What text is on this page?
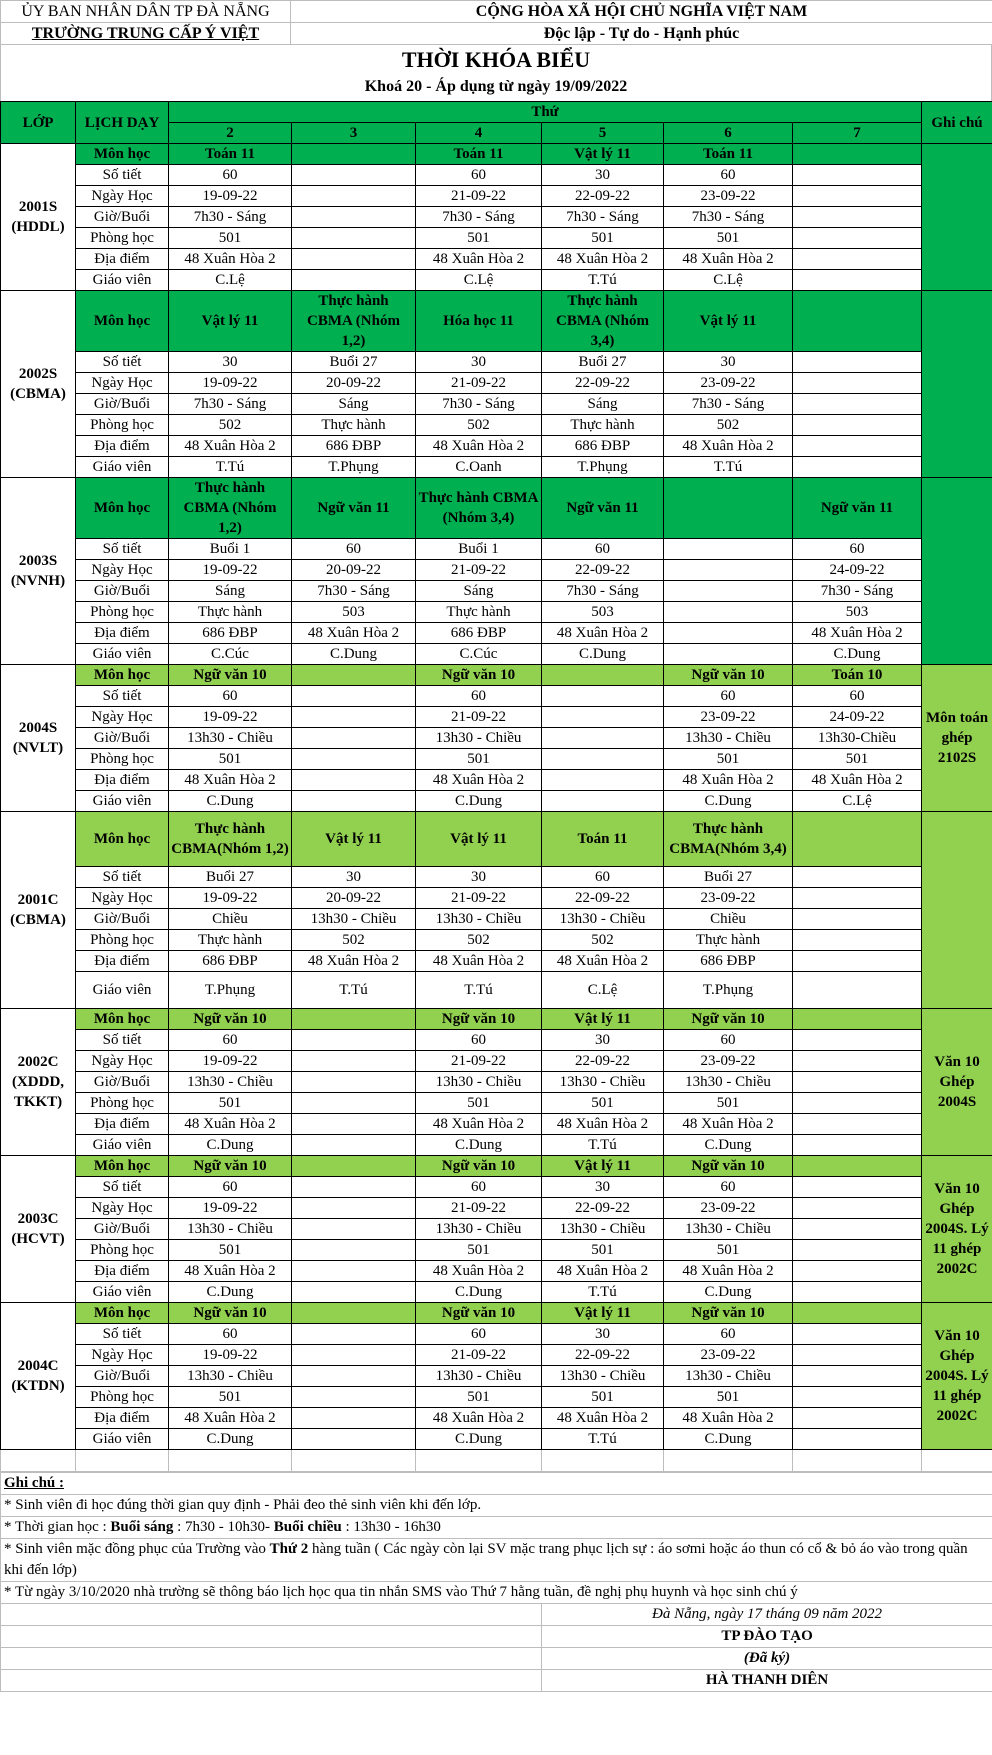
ỦY BAN NHÂN DÂN TP ĐÀ NẴNG	CỘNG HÒA XÃ HỘI CHỦ NGHĨA VIỆT NAM
TRƯỜNG TRUNG CẤP Ý VIỆT	Độc lập - Tự do - Hạnh phúc
THỜI KHÓA BIỂU
Khoá 20 - Áp dụng từ ngày 19/09/2022
LỚP	LỊCH DẠY	Thứ						Ghi chú
		2	3	4	5	6	7	
2001S
(HDDL)	Môn học	Toán 11		Toán 11	Vật lý 11	Toán 11		
	Số tiết	60		60	30	60		
	Ngày Học	19-09-22		21-09-22	22-09-22	23-09-22		
	Giờ/Buổi	7h30 - Sáng		7h30 - Sáng	7h30 - Sáng	7h30 - Sáng		
	Phòng học	501		501	501	501		
	Địa điểm	48 Xuân Hòa 2		48 Xuân Hòa 2	48 Xuân Hòa 2	48 Xuân Hòa 2		
	Giáo viên	C.Lệ		C.Lệ	T.Tú	C.Lệ		
2002S
(CBMA)	Môn học	Vật lý 11	Thực hành CBMA (Nhóm 1,2)	Hóa học 11	Thực hành CBMA (Nhóm 3,4)	Vật lý 11		
	Số tiết	30	Buổi 27	30	Buổi 27	30		
	Ngày Học	19-09-22	20-09-22	21-09-22	22-09-22	23-09-22		
	Giờ/Buổi	7h30 - Sáng	Sáng	7h30 - Sáng	Sáng	7h30 - Sáng		
	Phòng học	502	Thực hành	502	Thực hành	502		
	Địa điểm	48 Xuân Hòa 2	686 ĐBP	48 Xuân Hòa 2	686 ĐBP	48 Xuân Hòa 2		
	Giáo viên	T.Tú	T.Phụng	C.Oanh	T.Phụng	T.Tú		
2003S
(NVNH)	Môn học	Thực hành CBMA (Nhóm 1,2)	Ngữ văn 11	Thực hành CBMA (Nhóm 3,4)	Ngữ văn 11		Ngữ văn 11	
	Số tiết	Buổi 1	60	Buổi 1	60		60	
	Ngày Học	19-09-22	20-09-22	21-09-22	22-09-22		24-09-22	
	Giờ/Buổi	Sáng	7h30 - Sáng	Sáng	7h30 - Sáng		7h30 - Sáng	
	Phòng học	Thực hành	503	Thực hành	503		503	
	Địa điểm	686 ĐBP	48 Xuân Hòa 2	686 ĐBP	48 Xuân Hòa 2		48 Xuân Hòa 2	
	Giáo viên	C.Cúc	C.Dung	C.Cúc	C.Dung		C.Dung	
2004S
(NVLT)	Môn học	Ngữ văn 10		Ngữ văn 10		Ngữ văn 10	Toán 10	Môn toán ghép 2102S
	Số tiết	60		60		60	60	
	Ngày Học	19-09-22		21-09-22		23-09-22	24-09-22	
	Giờ/Buổi	13h30 - Chiều		13h30 - Chiều		13h30 - Chiều	13h30-Chiều	
	Phòng học	501		501		501	501	
	Địa điểm	48 Xuân Hòa 2		48 Xuân Hòa 2		48 Xuân Hòa 2	48 Xuân Hòa 2	
	Giáo viên	C.Dung		C.Dung		C.Dung	C.Lệ	
2001C
(CBMA)	Môn học	Thực hành CBMA(Nhóm 1,2)	Vật lý 11	Vật lý 11	Toán 11	Thực hành CBMA(Nhóm 3,4)		
	Số tiết	Buổi 27	30	30	60	Buổi 27		
	Ngày Học	19-09-22	20-09-22	21-09-22	22-09-22	23-09-22		
	Giờ/Buổi	Chiều	13h30 - Chiều	13h30 - Chiều	13h30 - Chiều	Chiều		
	Phòng học	Thực hành	502	502	502	Thực hành		
	Địa điểm	686 ĐBP	48 Xuân Hòa 2	48 Xuân Hòa 2	48 Xuân Hòa 2	686 ĐBP		
	Giáo viên	T.Phụng	T.Tú	T.Tú	C.Lệ	T.Phụng		
2002C
(XDDD,
TKKT)	Môn học	Ngữ văn 10		Ngữ văn 10	Vật lý 11	Ngữ văn 10		Văn 10 Ghép 2004S
	Số tiết	60		60	30	60		
	Ngày Học	19-09-22		21-09-22	22-09-22	23-09-22		
	Giờ/Buổi	13h30 - Chiều		13h30 - Chiều	13h30 - Chiều	13h30 - Chiều		
	Phòng học	501		501	501	501		
	Địa điểm	48 Xuân Hòa 2		48 Xuân Hòa 2	48 Xuân Hòa 2	48 Xuân Hòa 2		
	Giáo viên	C.Dung		C.Dung	T.Tú	C.Dung		
2003C
(HCVT)	Môn học	Ngữ văn 10		Ngữ văn 10	Vật lý 11	Ngữ văn 10		Văn 10 Ghép 2004S. Lý 11 ghép 2002C
	Số tiết	60		60	30	60		
	Ngày Học	19-09-22		21-09-22	22-09-22	23-09-22		
	Giờ/Buổi	13h30 - Chiều		13h30 - Chiều	13h30 - Chiều	13h30 - Chiều		
	Phòng học	501		501	501	501		
	Địa điểm	48 Xuân Hòa 2		48 Xuân Hòa 2	48 Xuân Hòa 2	48 Xuân Hòa 2		
	Giáo viên	C.Dung		C.Dung	T.Tú	C.Dung		
2004C
(KTDN)	Môn học	Ngữ văn 10		Ngữ văn 10	Vật lý 11	Ngữ văn 10		Văn 10 Ghép 2004S. Lý 11 ghép 2002C
	Số tiết	60		60	30	60		
	Ngày Học	19-09-22		21-09-22	22-09-22	23-09-22		
	Giờ/Buổi	13h30 - Chiều		13h30 - Chiều	13h30 - Chiều	13h30 - Chiều		
	Phòng học	501		501	501	501		
	Địa điểm	48 Xuân Hòa 2		48 Xuân Hòa 2	48 Xuân Hòa 2	48 Xuân Hòa 2		
	Giáo viên	C.Dung		C.Dung	T.Tú	C.Dung		

Ghi chú :	
* Sinh viên đi học đúng thời gian quy định - Phải đeo thẻ sinh viên khi đến lớp.	
* Thời gian học : Buổi sáng : 7h30 - 10h30- Buổi chiều : 13h30 - 16h30	
* Sinh viên mặc đồng phục của Trường vào Thứ 2 hàng tuần ( Các ngày còn lại SV mặc trang phục lịch sự : áo sơmi hoặc áo thun có cổ & bỏ áo vào trong quần khi đến lớp)	
* Từ ngày 3/10/2020 nhà trường sẽ thông báo lịch học qua tin nhắn SMS vào Thứ 7 hằng tuần, đề nghị phụ huynh và học sinh chú ý	
	Đà Nẵng, ngày 17 tháng 09 năm 2022
	TP ĐÀO TẠO
	(Đã ký)
	HÀ THANH DIÊN
